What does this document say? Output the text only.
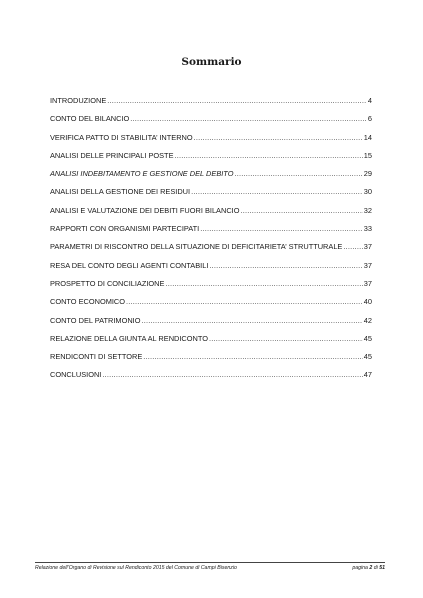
Sommario
INTRODUZIONE .....	4
CONTO DEL BILANCIO .....	6
VERIFICA PATTO DI STABILITA’ INTERNO .....	14
ANALISI DELLE PRINCIPALI POSTE .....	15
ANALISI INDEBITAMENTO E GESTIONE DEL DEBITO .....	29
ANALISI DELLA GESTIONE DEI RESIDUI .....	30
ANALISI E VALUTAZIONE DEI DEBITI FUORI BILANCIO .....	32
RAPPORTI CON ORGANISMI PARTECIPATI .....	33
PARAMETRI DI RISCONTRO DELLA SITUAZIONE DI DEFICITARIETA’ STRUTTURALE .....	37
RESA DEL CONTO DEGLI AGENTI CONTABILI .....	37
PROSPETTO DI CONCILIAZIONE .....	37
CONTO ECONOMICO .....	40
CONTO DEL PATRIMONIO .....	42
RELAZIONE DELLA GIUNTA AL RENDICONTO .....	45
RENDICONTI DI SETTORE .....	45
CONCLUSIONI .....	47
Relazione dell’Organo di Revisione sul Rendiconto 2015 del Comune di Campi Bisenzio	pagina 2 di 51
